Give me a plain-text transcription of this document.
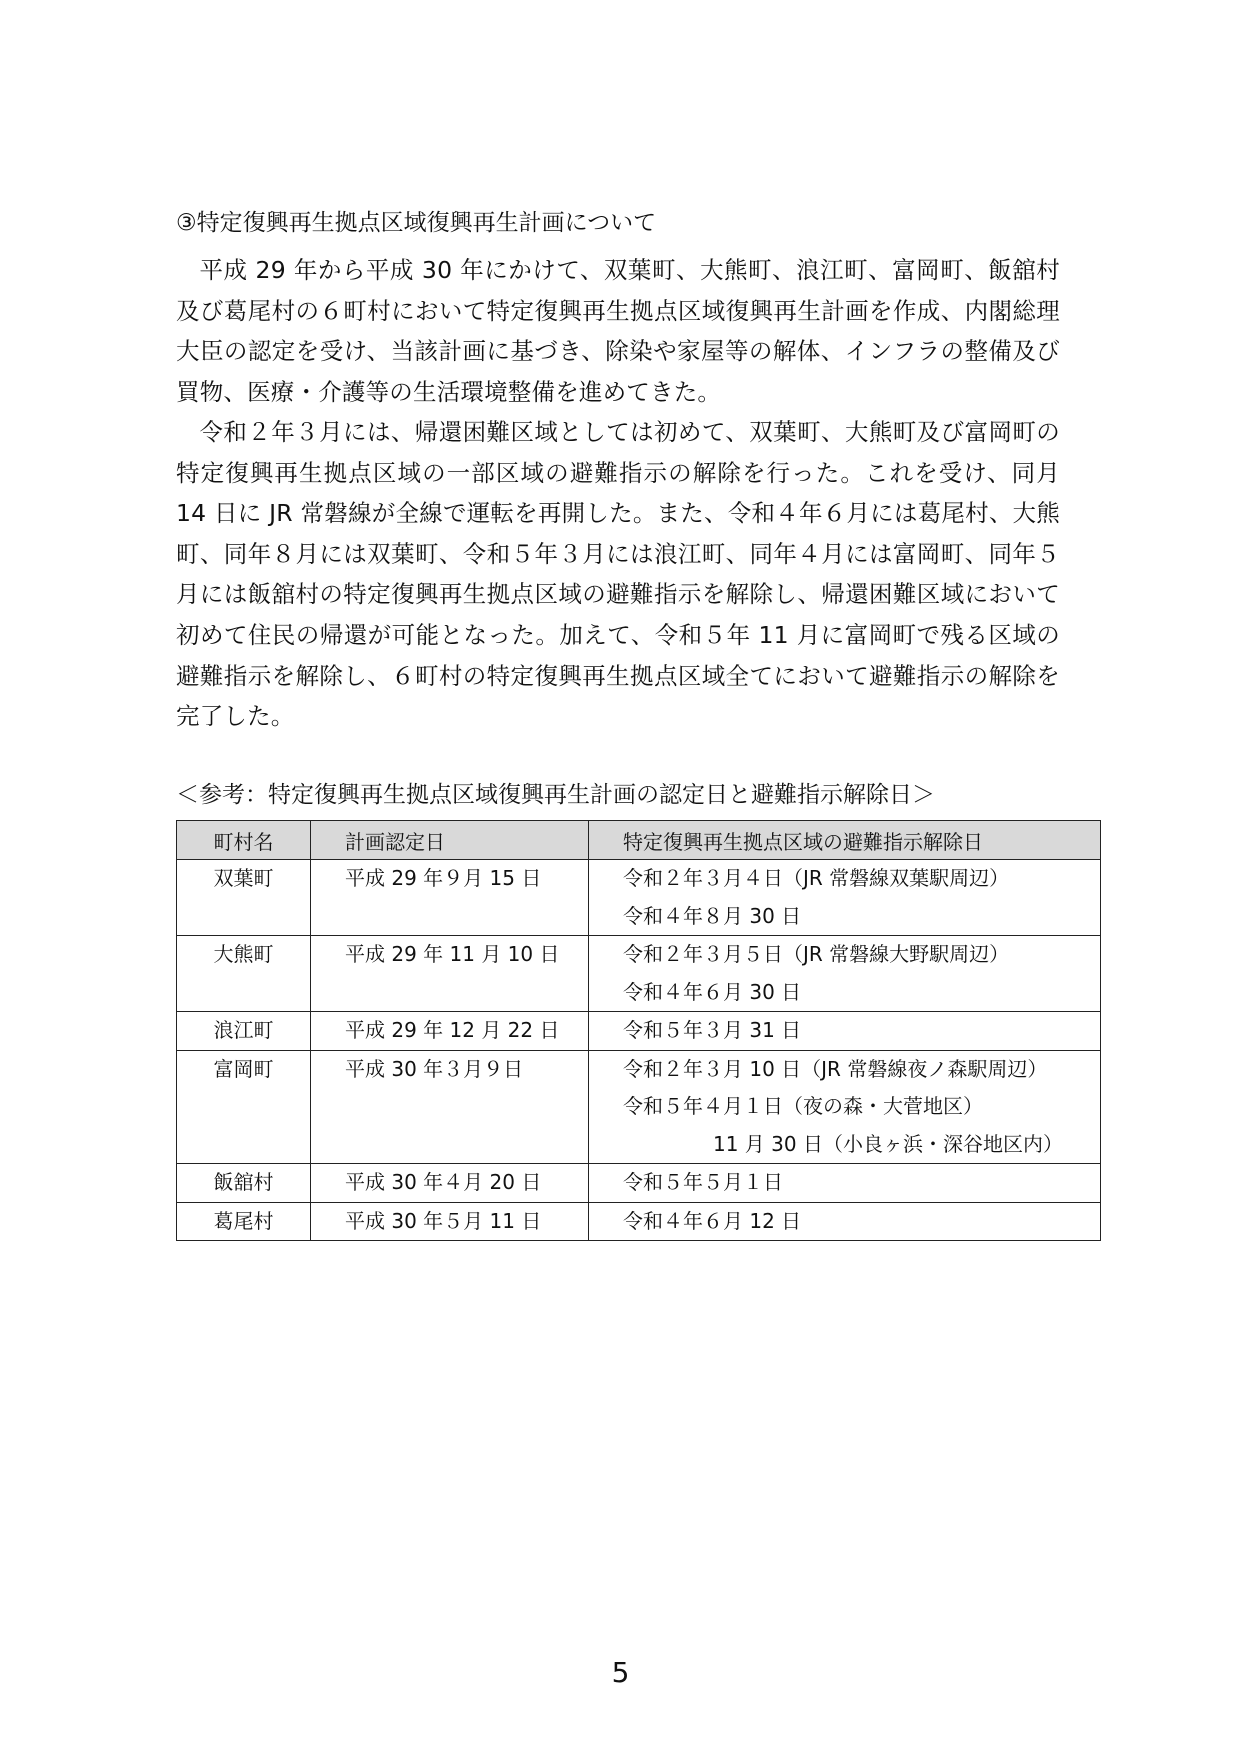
③特定復興再生拠点区域復興再生計画について

平成 29 年から平成 30 年にかけて、双葉町、大熊町、浪江町、富岡町、飯舘村及び葛尾村の６町村において特定復興再生拠点区域復興再生計画を作成、内閣総理大臣の認定を受け、当該計画に基づき、除染や家屋等の解体、インフラの整備及び買物、医療・介護等の生活環境整備を進めてきた。

令和２年３月には、帰還困難区域としては初めて、双葉町、大熊町及び富岡町の特定復興再生拠点区域の一部区域の避難指示の解除を行った。これを受け、同月 14 日に JR 常磐線が全線で運転を再開した。また、令和４年６月には葛尾村、大熊町、同年８月には双葉町、令和５年３月には浪江町、同年４月には富岡町、同年５月には飯舘村の特定復興再生拠点区域の避難指示を解除し、帰還困難区域において初めて住民の帰還が可能となった。加えて、令和５年 11 月に富岡町で残る区域の避難指示を解除し、６町村の特定復興再生拠点区域全てにおいて避難指示の解除を完了した。

＜参考：特定復興再生拠点区域復興再生計画の認定日と避難指示解除日＞

町村名	計画認定日	特定復興再生拠点区域の避難指示解除日

双葉町	平成 29 年９月 15 日	令和２年３月４日（JR 常磐線双葉駅周辺）
令和４年８月 30 日

大熊町	平成 29 年 11 月 10 日	令和２年３月５日（JR 常磐線大野駅周辺）
令和４年６月 30 日

浪江町	平成 29 年 12 月 22 日	令和５年３月 31 日

富岡町	平成 30 年３月９日	令和２年３月 10 日（JR 常磐線夜ノ森駅周辺）
令和５年４月１日（夜の森・大菅地区）
11 月 30 日（小良ヶ浜・深谷地区内）

飯舘村	平成 30 年４月 20 日	令和５年５月１日

葛尾村	平成 30 年５月 11 日	令和４年６月 12 日
5
